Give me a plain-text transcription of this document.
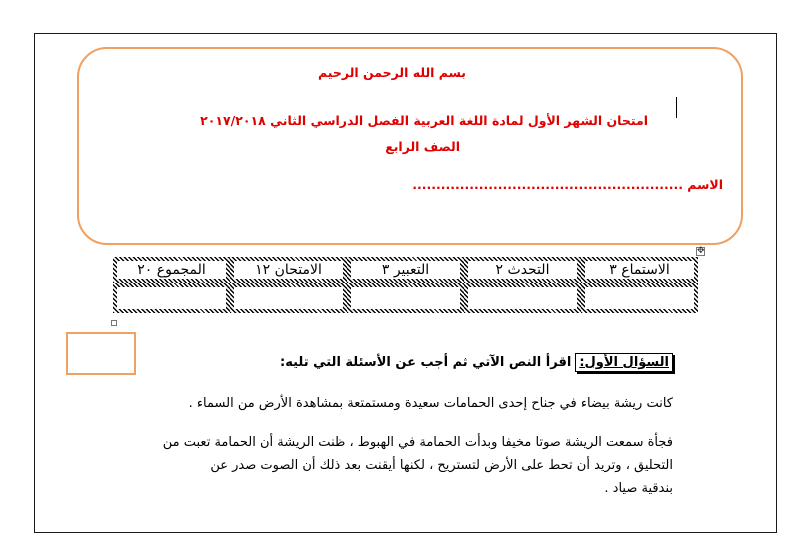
بسم الله الرحمن الرحيم
امتحان الشهر الأول لمادة اللغة العربية الفصل الدراسي الثاني ٢٠١٧/٢٠١٨
الصف الرابع
الاسم .........................................................
✥
الاستماع ٣	التحدث ٢	التعبير ٣	الامتحان ١٢	المجموع ٢٠

السؤال الأول:اقرأ النص الآتي ثم أجب عن الأسئلة التي تليه:
كانت ريشة بيضاء في جناح إحدى الحمامات سعيدة ومستمتعة بمشاهدة الأرض من السماء .
فجأة سمعت الريشة صوتا مخيفا وبدأت الحمامة في الهبوط ، ظنت الريشة أن الحمامة تعبت من
التحليق ، وتريد أن تحط على الأرض لتستريح ، لكنها أيقنت بعد ذلك أن الصوت صدر عن
بندقية صياد .
